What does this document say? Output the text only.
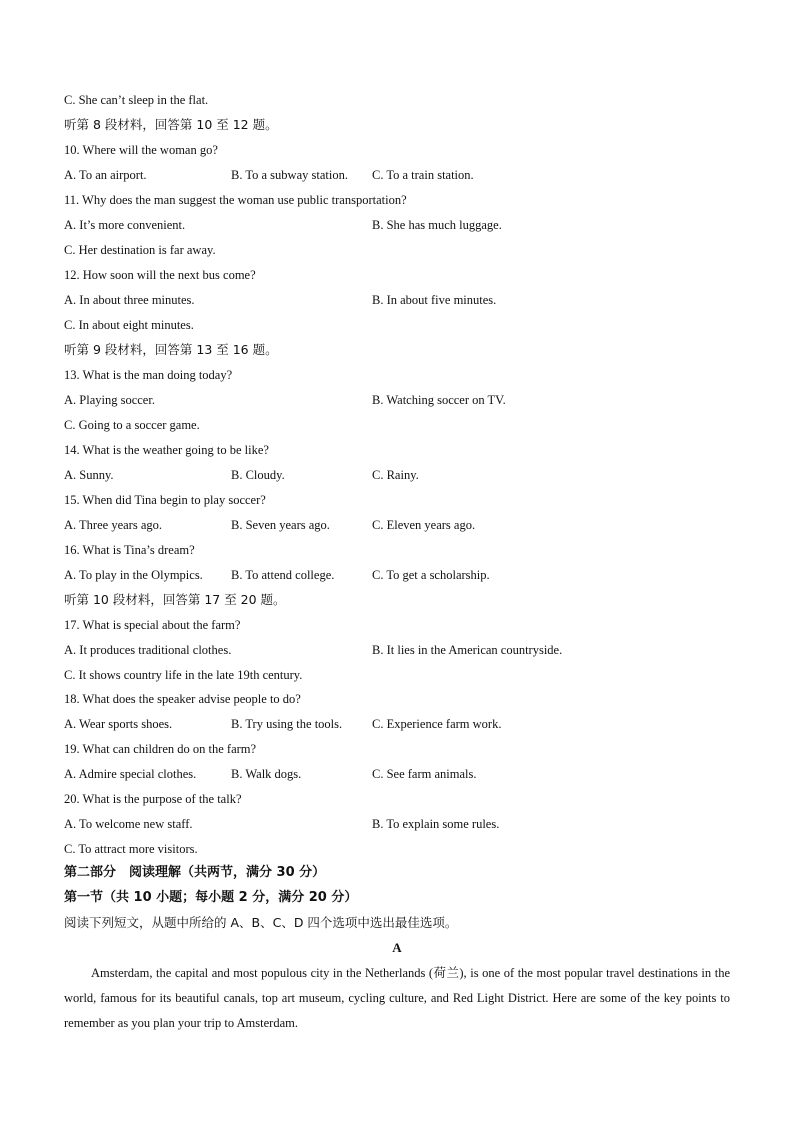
C. She can’t sleep in the flat.
听第 8 段材料，回答第 10 至 12 题。
10. Where will the woman go?
A. To an airport.	B. To a subway station. C. To a train station.
11. Why does the man suggest the woman use public transportation?
A. It’s more convenient.	B. She has much luggage.
C. Her destination is far away.
12. How soon will the next bus come?
A. In about three minutes.	B. In about five minutes.
C. In about eight minutes.
听第 9 段材料，回答第 13 至 16 题。
13. What is the man doing today?
A. Playing soccer.	B. Watching soccer on TV.
C. Going to a soccer game.
14. What is the weather going to be like?
A. Sunny.	B. Cloudy.	C. Rainy.
15. When did Tina begin to play soccer?
A. Three years ago.	B. Seven years ago.	C. Eleven years ago.
16. What is Tina’s dream?
A. To play in the Olympics. B. To attend college.	C. To get a scholarship.
听第 10 段材料，回答第 17 至 20 题。
17. What is special about the farm?
A. It produces traditional clothes.	B. It lies in the American countryside.
C. It shows country life in the late 19th century.
18. What does the speaker advise people to do?
A. Wear sports shoes.	B. Try using the tools. C. Experience farm work.
19. What can children do on the farm?
A. Admire special clothes.	B. Walk dogs.	C. See farm animals.
20. What is the purpose of the talk?
A. To welcome new staff.	B. To explain some rules.
C. To attract more visitors.
第二部分　阅读理解（共两节，满分 30 分）
第一节（共 10 小题；每小题 2 分，满分 20 分）
阅读下列短文，从题中所给的 A、B、C、D 四个选项中选出最佳选项。
A
Amsterdam, the capital and most populous city in the Netherlands (荷兰), is one of the most popular travel destinations in the world, famous for its beautiful canals, top art museum, cycling culture, and Red Light District. Here are some of the key points to remember as you plan your trip to Amsterdam.
